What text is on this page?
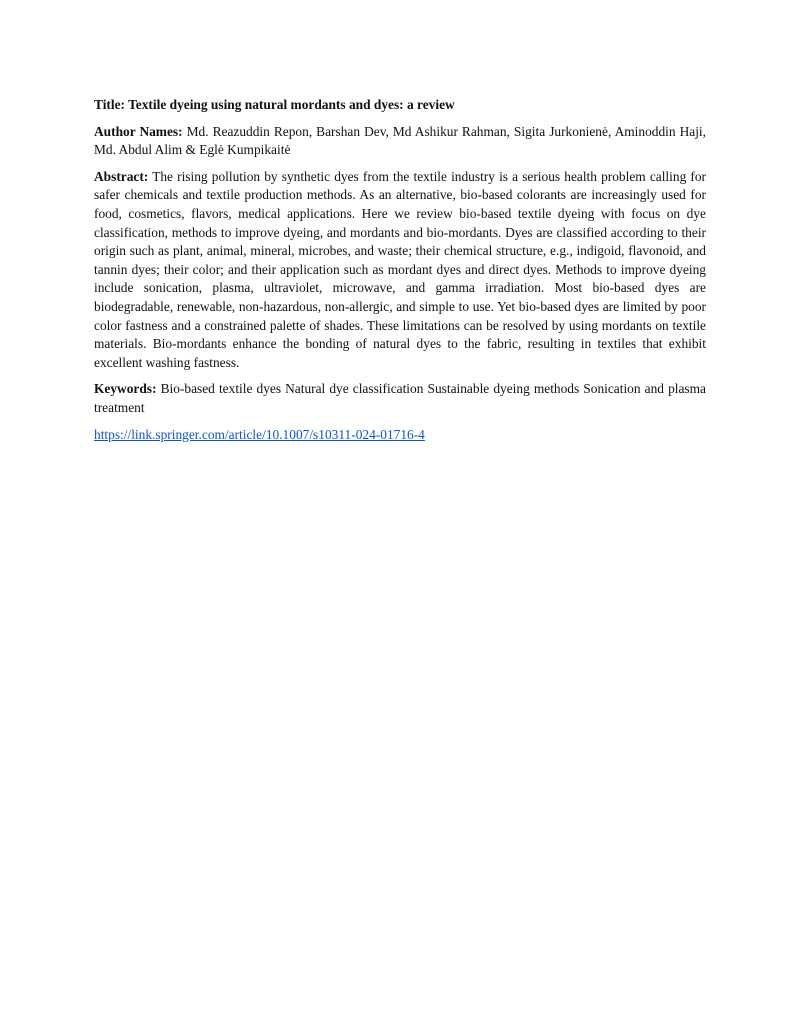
Title: Textile dyeing using natural mordants and dyes: a review

Author Names: Md. Reazuddin Repon, Barshan Dev, Md Ashikur Rahman, Sigita Jurkonienė, Aminoddin Haji, Md. Abdul Alim & Eglė Kumpikaitė

Abstract: The rising pollution by synthetic dyes from the textile industry is a serious health problem calling for safer chemicals and textile production methods. As an alternative, bio-based colorants are increasingly used for food, cosmetics, flavors, medical applications. Here we review bio-based textile dyeing with focus on dye classification, methods to improve dyeing, and mordants and bio-mordants. Dyes are classified according to their origin such as plant, animal, mineral, microbes, and waste; their chemical structure, e.g., indigoid, flavonoid, and tannin dyes; their color; and their application such as mordant dyes and direct dyes. Methods to improve dyeing include sonication, plasma, ultraviolet, microwave, and gamma irradiation. Most bio-based dyes are biodegradable, renewable, non-hazardous, non-allergic, and simple to use. Yet bio-based dyes are limited by poor color fastness and a constrained palette of shades. These limitations can be resolved by using mordants on textile materials. Bio-mordants enhance the bonding of natural dyes to the fabric, resulting in textiles that exhibit excellent washing fastness.

Keywords: Bio-based textile dyes Natural dye classification Sustainable dyeing methods Sonication and plasma treatment

https://link.springer.com/article/10.1007/s10311-024-01716-4
